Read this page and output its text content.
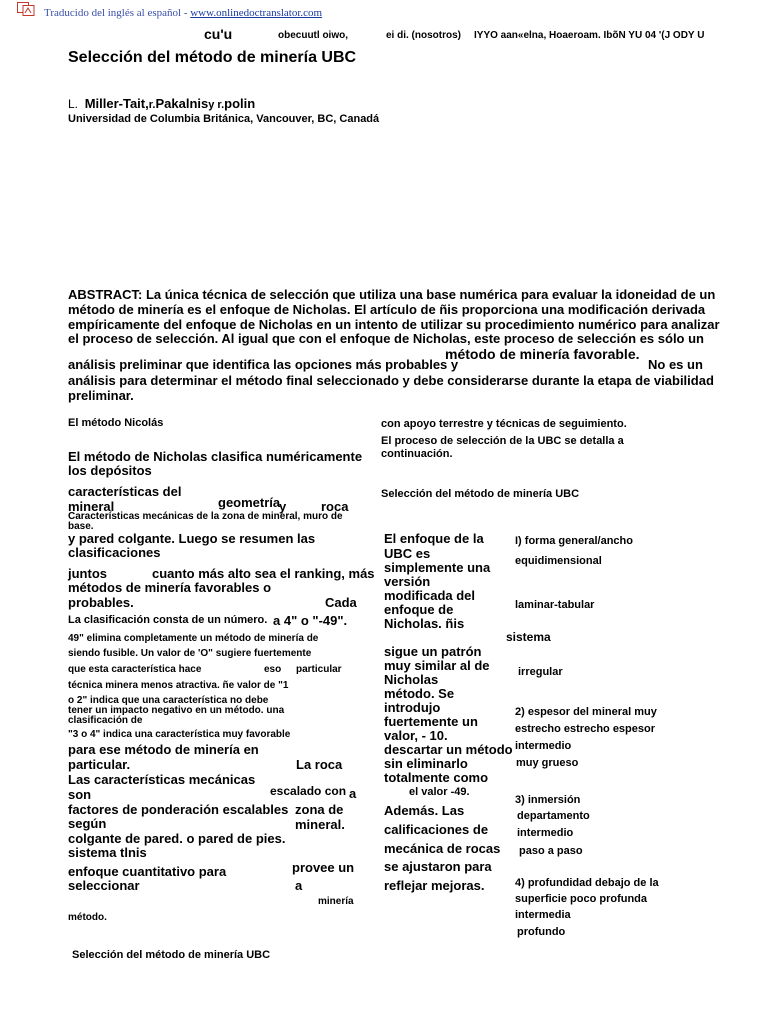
Traducido del inglés al español - www.onlinedoctranslator.com
cu'u	obecuutl oiwo,	ei di. (nosotros) IYYO aan«elna, Hoaeroam. IbõN YU 04 '(J ODY U
Selección del método de minería UBC
L. Miller-Tait,r.Pakalnisy r.polin
Universidad de Columbia Británica, Vancouver, BC, Canadá
ABSTRACT: La única técnica de selección que utiliza una base numérica para evaluar la idoneidad de un
método de minería es el enfoque de Nicholas. El artículo de ñis proporciona una modificación derivada
empíricamente del enfoque de Nicholas en un intento de utilizar su procedimiento numérico para analizar
el proceso de selección. Al igual que con el enfoque de Nicholas, este proceso de selección es sólo un
análisis preliminar que identifica las opciones más probables y
método de minería favorable.
No es un
análisis para determinar el método final seleccionado y debe considerarse durante la etapa de viabilidad
preliminar.
El método Nicolás
El método de Nicholas clasifica numéricamente
los depósitos
características del
mineral	geometría
y	roca
Características mecánicas de la zona de mineral, muro de
base.
y pared colgante. Luego se resumen las
clasificaciones
juntos	cuanto más alto sea el ranking, más
métodos de minería favorables o
probables.	Cada
La clasificación consta de un número. a 4" o "-49".
49" elimina completamente un método de minería de
siendo fusible. Un valor de 'O" sugiere fuertemente
que esta característica hace	eso particular
técnica minera menos atractiva. ñe valor de "1
o 2" indica que una característica no debe
tener un impacto negativo en un método. una
clasificación de
"3 o 4" indica una característica muy favorable
para ese método de minería en
particular.	La roca
Las características mecánicas
son	escalado con a
factores de ponderación escalables zona de
según	mineral.
colgante de pared. o pared de pies.
sistema tlnis
enfoque cuantitativo para	provee un
seleccionar	a
minería
método.
Selección del método de minería UBC
con apoyo terrestre y técnicas de seguimiento.
El proceso de selección de la UBC se detalla a
continuación.
Selección del método de minería UBC
El enfoque de la
UBC es
simplemente una
versión
modificada del
enfoque de
Nicholas. ñis
sigue un patrón
muy similar al de
Nicholas
método. Se
introdujo
fuertemente un
valor, - 10.
descartar un método
sin eliminarlo
totalmente como
el valor -49.
Además. Las
calificaciones de
mecánica de rocas
se ajustaron para
reflejar mejoras.
I) forma general/ancho
equidimensional
laminar-tabular
sistema
irregular
2) espesor del mineral muy
estrecho estrecho espesor
intermedio
muy grueso
3) inmersión
departamento
intermedio
paso a paso
4) profundidad debajo de la
superficie poco profunda
intermedia
profundo
